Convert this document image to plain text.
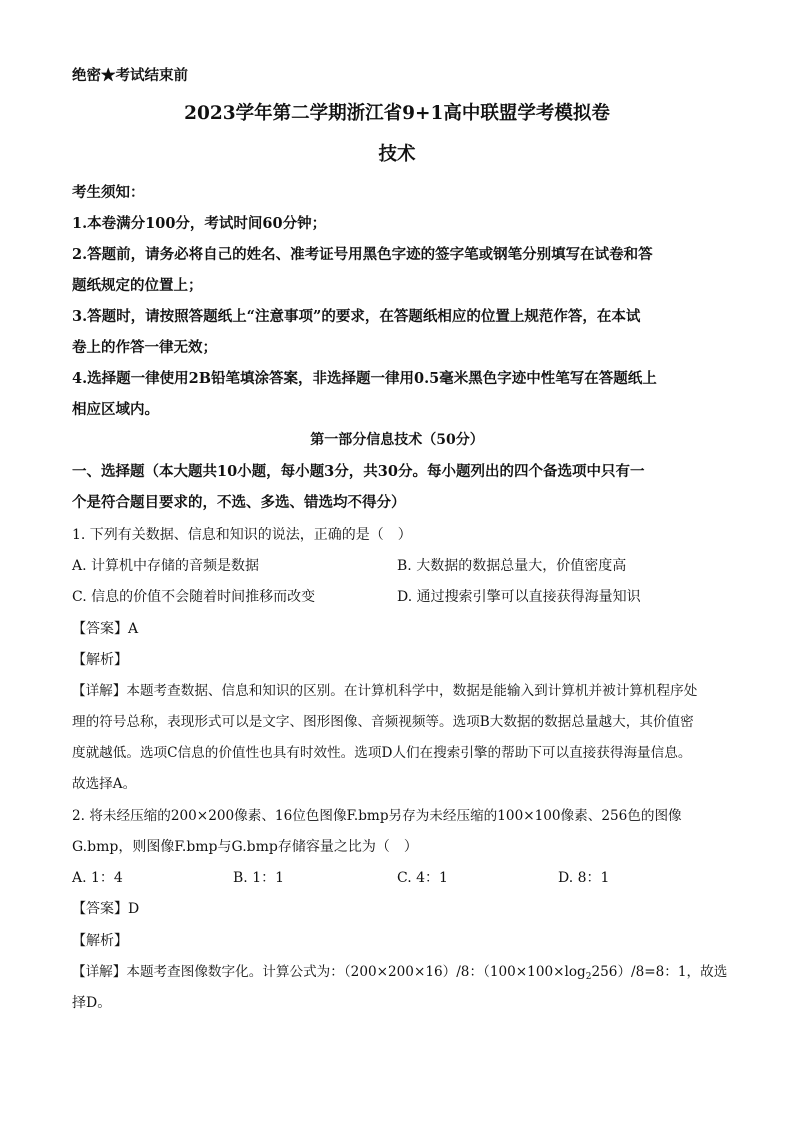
绝密★考试结束前
2023学年第二学期浙江省9+1高中联盟学考模拟卷
技术
考生须知：
1.本卷满分100分，考试时间60分钟；
2.答题前，请务必将自己的姓名、准考证号用黑色字迹的签字笔或钢笔分别填写在试卷和答
题纸规定的位置上；
3.答题时，请按照答题纸上“注意事项”的要求，在答题纸相应的位置上规范作答，在本试
卷上的作答一律无效；
4.选择题一律使用2B铅笔填涂答案，非选择题一律用0.5毫米黑色字迹中性笔写在答题纸上
相应区域内。
第一部分信息技术（50分）
一、选择题（本大题共10小题，每小题3分，共30分。每小题列出的四个备选项中只有一
个是符合题目要求的，不选、多选、错选均不得分）
1. 下列有关数据、信息和知识的说法，正确的是（　）
A. 计算机中存储的音频是数据	B. 大数据的数据总量大，价值密度高
C. 信息的价值不会随着时间推移而改变	D. 通过搜索引擎可以直接获得海量知识
【答案】A
【解析】
【详解】本题考查数据、信息和知识的区别。在计算机科学中，数据是能输入到计算机并被计算机程序处
理的符号总称，表现形式可以是文字、图形图像、音频视频等。选项B大数据的数据总量越大，其价值密
度就越低。选项C信息的价值性也具有时效性。选项D人们在搜索引擎的帮助下可以直接获得海量信息。
故选择A。
2. 将未经压缩的200×200像素、16位色图像F.bmp另存为未经压缩的100×100像素、256色的图像
G.bmp，则图像F.bmp与G.bmp存储容量之比为（　）
A. 1：4	B. 1：1	C. 4：1	D. 8：1
【答案】D
【解析】
【详解】本题考查图像数字化。计算公式为：（200×200×16）/8：$(100\times 100\times\log_2256)/8=8$：1，故选
择D。
